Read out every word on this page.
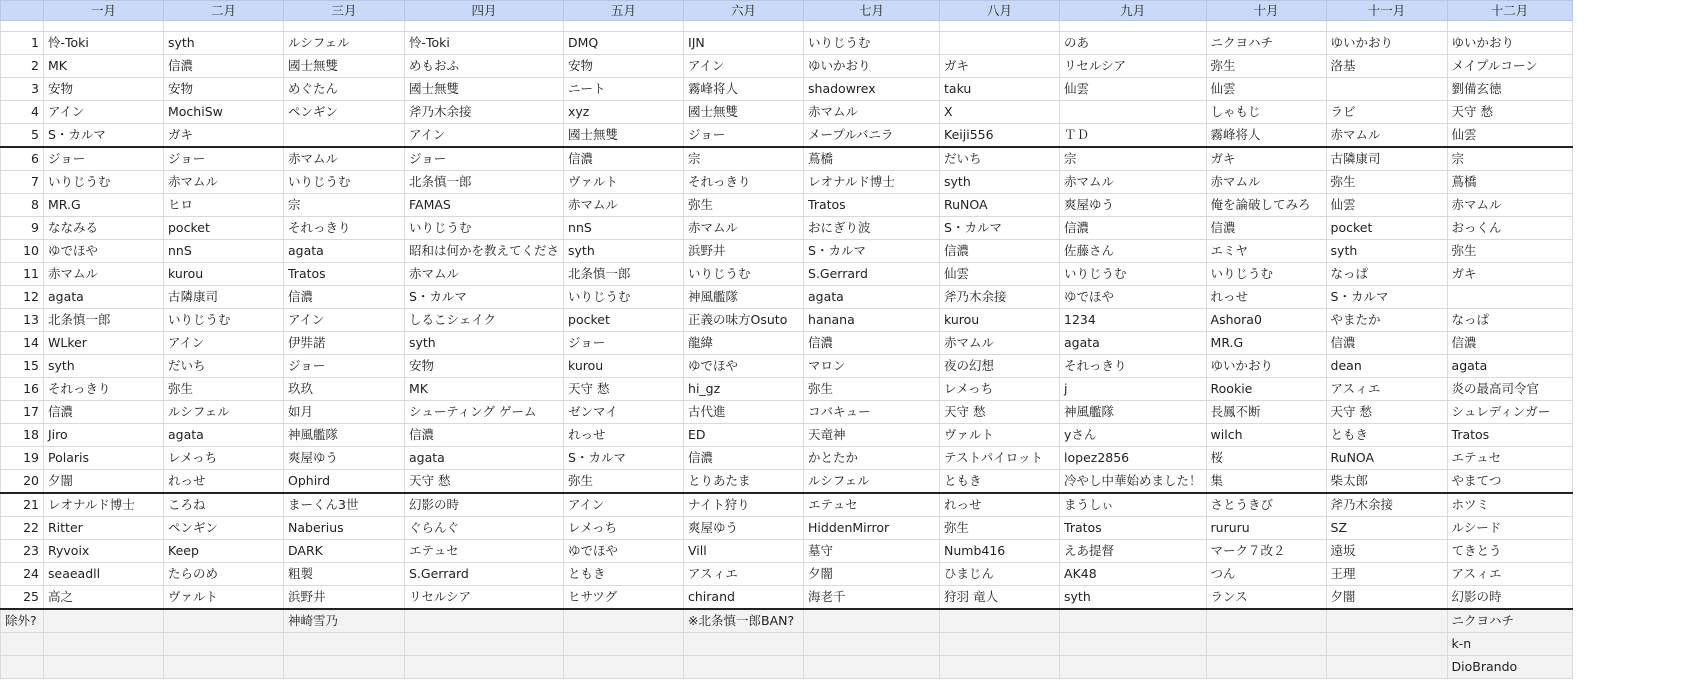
	一月	二月	三月	四月	五月	六月	七月	八月	九月	十月	十一月	十二月

1	怜-Toki	syth	ルシフェル	怜-Toki	DMQ	IJN	いりじうむ		のあ	ニクヨハチ	ゆいかおり	ゆいかおり
2	MK	信濃	國士無雙	めもおふ	安物	アイン	ゆいかおり	ガキ	リセルシア	弥生	洛基	メイプルコーン
3	安物	安物	めぐたん	國士無雙	ニート	霧峰将人	shadowrex	taku	仙雲	仙雲		劉備玄徳
4	アイン	MochiSw	ペンギン	斧乃木余接	xyz	國士無雙	赤マムル	X		しゃもじ	ラビ	天守 愁
5	S・カルマ	ガキ		アイン	國士無雙	ジョー	メープルバニラ	Keiji556	ＴＤ	霧峰将人	赤マムル	仙雲
6	ジョー	ジョー	赤マムル	ジョー	信濃	宗	蔦橋	だいち	宗	ガキ	古隣康司	宗
7	いりじうむ	赤マムル	いりじうむ	北条慎一郎	ヴァルト	それっきり	レオナルド博士	syth	赤マムル	赤マムル	弥生	蔦橋
8	MR.G	ヒロ	宗	FAMAS	赤マムル	弥生	Tratos	RuNOA	爽屋ゆう	俺を論破してみろ	仙雲	赤マムル
9	ななみる	pocket	それっきり	いりじうむ	nnS	赤マムル	おにぎり波	S・カルマ	信濃	信濃	pocket	おっくん
10	ゆでほや	nnS	agata	昭和は何かを教えてくださ	syth	浜野井	S・カルマ	信濃	佐藤さん	エミヤ	syth	弥生
11	赤マムル	kurou	Tratos	赤マムル	北条慎一郎	いりじうむ	S.Gerrard	仙雲	いりじうむ	いりじうむ	なっぱ	ガキ
12	agata	古隣康司	信濃	S・カルマ	いりじうむ	神風艦隊	agata	斧乃木余接	ゆでほや	れっせ	S・カルマ	
13	北条慎一郎	いりじうむ	アイン	しるこシェイク	pocket	正義の味方Osuto	hanana	kurou	1234	Ashora0	やまたか	なっぱ
14	WLker	アイン	伊弉諾	syth	ジョー	龍緯	信濃	赤マムル	agata	MR.G	信濃	信濃
15	syth	だいち	ジョー	安物	kurou	ゆでほや	マロン	夜の幻想	それっきり	ゆいかおり	dean	agata
16	それっきり	弥生	玖玖	MK	天守 愁	hi_gz	弥生	レメっち	j	Rookie	アスィエ	炎の最高司令官
17	信濃	ルシフェル	如月	シューティング ゲーム	ゼンマイ	古代進	コバキュー	天守 愁	神風艦隊	長鳳不断	天守 愁	シュレディンガー
18	Jiro	agata	神風艦隊	信濃	れっせ	ED	天竜神	ヴァルト	yさん	wilch	ともき	Tratos
19	Polaris	レメっち	爽屋ゆう	agata	S・カルマ	信濃	かとたか	テストパイロット	lopez2856	桜	RuNOA	エテュセ
20	夕闇	れっせ	Ophird	天守 愁	弥生	とりあたま	ルシフェル	ともき	冷やし中華始めました！	集	柴太郎	やまてつ
21	レオナルド博士	ころね	まーくん3世	幻影の時	アイン	ナイト狩り	エテュセ	れっせ	まうしぃ	さとうきび	斧乃木余接	ホツミ
22	Ritter	ペンギン	Naberius	ぐらんぐ	レメっち	爽屋ゆう	HiddenMirror	弥生	Tratos	rururu	SZ	ルシード
23	Ryvoix	Keep	DARK	エテュセ	ゆでほや	Vill	墓守	Numb416	えあ提督	マーク７改２	遠坂	てきとう
24	seaeadll	たらのめ	粗製	S.Gerrard	ともき	アスィエ	夕闇	ひまじん	AK48	つん	王理	アスィエ
25	高之	ヴァルト	浜野井	リセルシア	ヒサツグ	chirand	海老千	狩羽 竜人	syth	ランス	夕闇	幻影の時
除外?			神崎雪乃			※北条慎一郎BAN?						ニクヨハチ
												k-n
												DioBrando
